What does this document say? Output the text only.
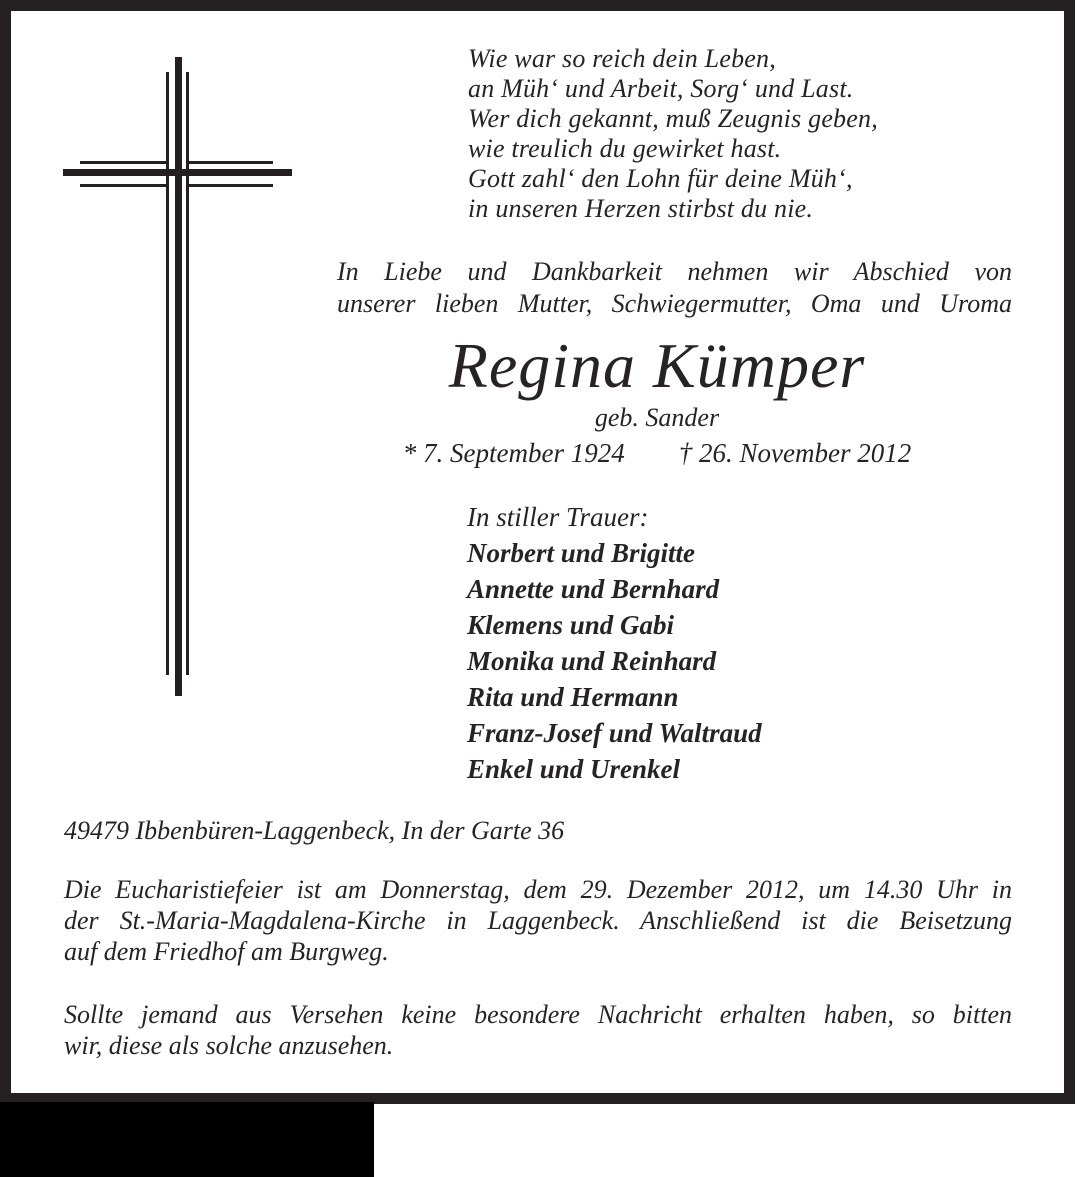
Wie war so reich dein Leben,
an Müh‘ und Arbeit, Sorg‘ und Last.
Wer dich gekannt, muß Zeugnis geben,
wie treulich du gewirket hast.
Gott zahl‘ den Lohn für deine Müh‘,
in unseren Herzen stirbst du nie.
In Liebe und Dankbarkeit nehmen wir Abschied von
unserer lieben Mutter, Schwiegermutter, Oma und Uroma
Regina Kümper
geb. Sander
* 7. September 1924 † 26. November 2012
In stiller Trauer:
Norbert und Brigitte
Annette und Bernhard
Klemens und Gabi
Monika und Reinhard
Rita und Hermann
Franz-Josef und Waltraud
Enkel und Urenkel
49479 Ibbenbüren-Laggenbeck, In der Garte 36
Die Eucharistiefeier ist am Donnerstag, dem 29. Dezember 2012, um 14.30 Uhr in
der St.-Maria-Magdalena-Kirche in Laggenbeck. Anschließend ist die Beisetzung
auf dem Friedhof am Burgweg.
Sollte jemand aus Versehen keine besondere Nachricht erhalten haben, so bitten
wir, diese als solche anzusehen.
